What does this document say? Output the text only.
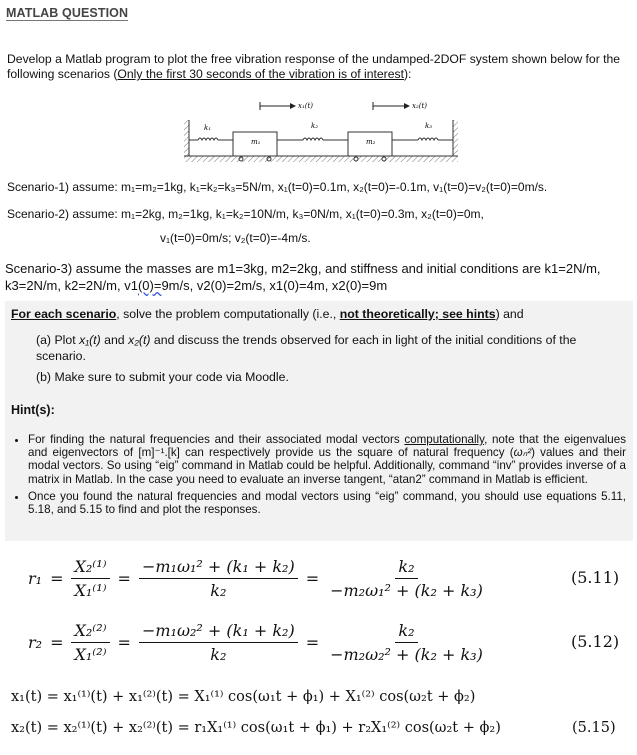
MATLAB QUESTION
Develop a Matlab program to plot the free vibration response of the undamped-2DOF system shown below for the following scenarios (Only the first 30 seconds of the vibration is of interest):
x₁(t)	x₂(t)
k₁
m₁
k₂
m₂
k₃
Scenario-1) assume: m₁=m₂=1kg, k₁=k₂=k₃=5N/m, x₁(t=0)=0.1m, x₂(t=0)=-0.1m, v₁(t=0)=v₂(t=0)=0m/s.
Scenario-2) assume: m₁=2kg, m₂=1kg, k₁=k₂=10N/m, k₃=0N/m, x₁(t=0)=0.3m, x₂(t=0)=0m,
v₁(t=0)=0m/s; v₂(t=0)=-4m/s.
Scenario-3) assume the masses are m1=3kg, m2=2kg, and stiffness and initial conditions are k1=2N/m,
k3=2N/m, k2=2N/m, v1(0)=9m/s, v2(0)=2m/s, x1(0)=4m, x2(0)=9m
For each scenario, solve the problem computationally (i.e., not theoretically; see hints) and
(a) Plot x₁(t) and x₂(t) and discuss the trends observed for each in light of the initial conditions of the scenario.
(b) Make sure to submit your code via Moodle.
Hint(s):
• For finding the natural frequencies and their associated modal vectors computationally, note that the eigenvalues and eigenvectors of [m]⁻¹.[k] can respectively provide us the square of natural frequency (ωₙ²) values and their modal vectors. So using “eig” command in Matlab could be helpful. Additionally, command “inv” provides inverse of a matrix in Matlab. In the case you need to evaluate an inverse tangent, “atan2” command in Matlab is efficient.
• Once you found the natural frequencies and modal vectors using “eig” command, you should use equations 5.11, 5.18, and 5.15 to find and plot the responses.
$r_1 = \frac{\text{X₂⁽¹⁾}}{\text{X₁⁽¹⁾}} = \frac{\text{−m₁ω₁² + (k₁ + k₂)}}{\text{k₂}} = \frac{\text{k₂}}{\text{−m₂ω₁² + (k₂ + k₃)}}$	(5.11)
$r_2 = \frac{\text{X₂⁽²⁾}}{\text{X₁⁽²⁾}} = \frac{\text{−m₁ω₂² + (k₁ + k₂)}}{\text{k₂}} = \frac{\text{k₂}}{\text{−m₂ω₂² + (k₂ + k₃)}}$	(5.12)
x₁(t) = x₁⁽¹⁾(t) + x₁⁽²⁾(t) = X₁⁽¹⁾ cos(ω₁t + ϕ₁) + X₁⁽²⁾ cos(ω₂t + ϕ₂)
x₂(t) = x₂⁽¹⁾(t) + x₂⁽²⁾(t) = r₁X₁⁽¹⁾ cos(ω₁t + ϕ₁) + r₂X₁⁽²⁾ cos(ω₂t + ϕ₂)	(5.15)
